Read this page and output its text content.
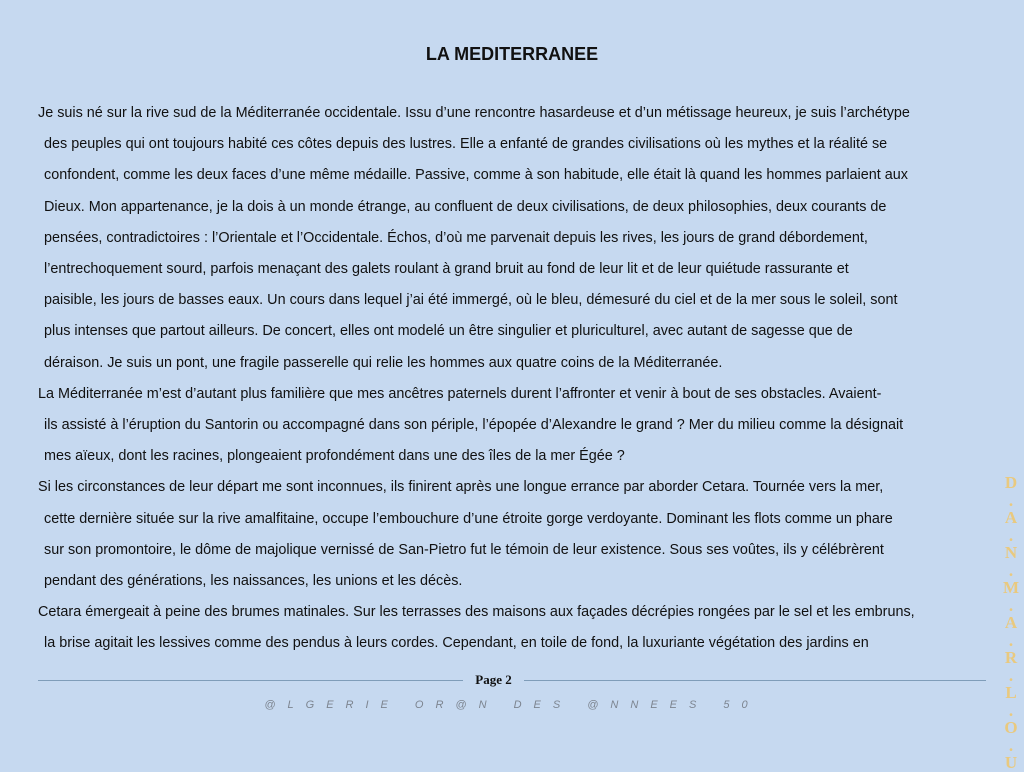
LA MEDITERRANEE
Je suis né sur la rive sud de la Méditerranée occidentale. Issu d’une rencontre hasardeuse et d’un métissage heureux, je suis l’archétype
des peuples qui ont toujours habité ces côtes depuis des lustres. Elle a enfanté de grandes civilisations où les mythes et la réalité se
confondent, comme les deux faces d’une même médaille. Passive, comme à son habitude, elle était là quand les hommes parlaient aux
Dieux. Mon appartenance, je la dois à un monde étrange, au confluent de deux civilisations, de deux philosophies, deux courants de
pensées, contradictoires : l’Orientale et l’Occidentale. Échos, d’où me parvenait depuis les rives, les jours de grand débordement,
l’entrechoquement sourd, parfois menaçant des galets roulant à grand bruit au fond de leur lit et de leur quiétude rassurante et
paisible, les jours de basses eaux. Un cours dans lequel j’ai été immergé, où le bleu, démesuré du ciel et de la mer sous le soleil, sont
plus intenses que partout ailleurs. De concert, elles ont modelé un être singulier et pluriculturel, avec autant de sagesse que de
déraison. Je suis un pont, une fragile passerelle qui relie les hommes aux quatre coins de la Méditerranée.
La Méditerranée m’est d’autant plus familière que mes ancêtres paternels durent l’affronter et venir à bout de ses obstacles. Avaient-
ils assisté à l’éruption du Santorin ou accompagné dans son périple, l’épopée d’Alexandre le grand ? Mer du milieu comme la désignait
mes aïeux, dont les racines, plongeaient profondément dans une des îles de la mer Égée ?
Si les circonstances de leur départ me sont inconnues, ils finirent après une longue errance par aborder Cetara. Tournée vers la mer,
cette dernière située sur la rive amalfitaine, occupe l’embouchure d’une étroite gorge verdoyante. Dominant les flots comme un phare
sur son promontoire, le dôme de majolique vernissé de San-Pietro fut le témoin de leur existence. Sous ses voûtes, ils y célébrèrent
pendant des générations, les naissances, les unions et les décès.
Cetara émergeait à peine des brumes matinales. Sur les terrasses des maisons aux façades décrépies rongées par le sel et les embruns,
la brise agitait les lessives comme des pendus à leurs cordes. Cependant, en toile de fond, la luxuriante végétation des jardins en
Page 2
@LGERIE OR@N DES @NNEES 50
D
.
A
.
N
.
M
.
A
.
R
.
L
.
O
.
U
